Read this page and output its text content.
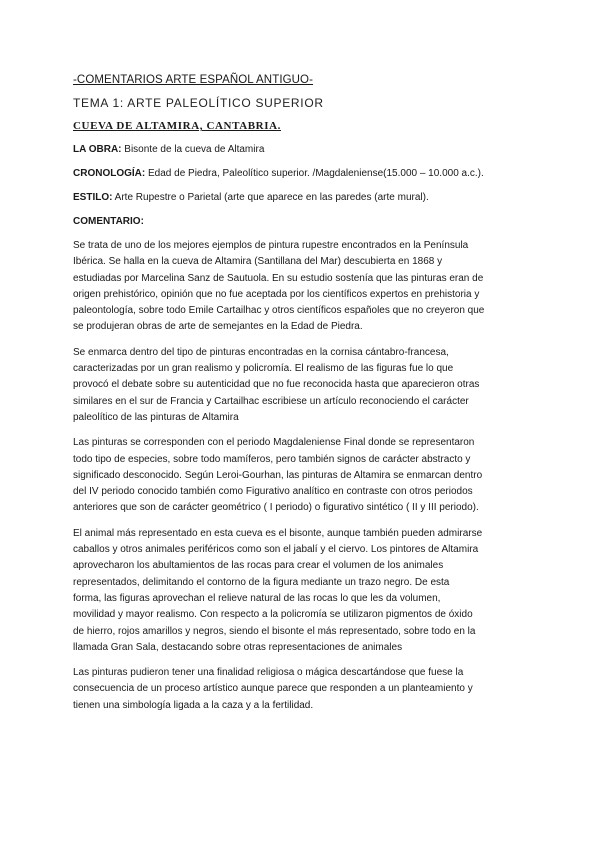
-COMENTARIOS ARTE ESPAÑOL ANTIGUO-
TEMA 1: ARTE PALEOLÍTICO SUPERIOR
CUEVA DE ALTAMIRA, CANTABRIA.
LA OBRA: Bisonte de la cueva de Altamira
CRONOLOGÍA: Edad de Piedra, Paleolítico superior. /Magdaleniense(15.000 – 10.000 a.c.).
ESTILO: Arte Rupestre o Parietal (arte que aparece en las paredes (arte mural).
COMENTARIO:
Se trata de uno de los mejores ejemplos de pintura rupestre encontrados en la Península
Ibérica. Se halla en la cueva de Altamira (Santillana del Mar) descubierta en 1868 y
estudiadas por Marcelina Sanz de Sautuola. En su estudio sostenía que las pinturas eran de
origen prehistórico, opinión que no fue aceptada por los científicos expertos en prehistoria y
paleontología, sobre todo Emile Cartailhac y otros científicos españoles que no creyeron que
se produjeran obras de arte de semejantes en la Edad de Piedra.
Se enmarca dentro del tipo de pinturas encontradas en la cornisa cántabro-francesa,
caracterizadas por un gran realismo y policromía. El realismo de las figuras fue lo que
provocó el debate sobre su autenticidad que no fue reconocida hasta que aparecieron otras
similares en el sur de Francia y Cartailhac escribiese un artículo reconociendo el carácter
paleolítico de las pinturas de Altamira
Las pinturas se corresponden con el periodo Magdaleniense Final donde se representaron
todo tipo de especies, sobre todo mamíferos, pero también signos de carácter abstracto y
significado desconocido. Según Leroi-Gourhan, las pinturas de Altamira se enmarcan dentro
del IV periodo conocido también como Figurativo analítico en contraste con otros periodos
anteriores que son de carácter geométrico ( I periodo) o figurativo sintético ( II y III periodo).
El animal más representado en esta cueva es el bisonte, aunque también pueden admirarse
caballos y otros animales periféricos como son el jabalí y el ciervo. Los pintores de Altamira
aprovecharon los abultamientos de las rocas para crear el volumen de los animales
representados, delimitando el contorno de la figura mediante un trazo negro. De esta
forma, las figuras aprovechan el relieve natural de las rocas lo que les da volumen,
movilidad y mayor realismo. Con respecto a la policromía se utilizaron pigmentos de óxido
de hierro, rojos amarillos y negros, siendo el bisonte el más representado, sobre todo en la
llamada Gran Sala, destacando sobre otras representaciones de animales
Las pinturas pudieron tener una finalidad religiosa o mágica descartándose que fuese la
consecuencia de un proceso artístico aunque parece que responden a un planteamiento y
tienen una simbología ligada a la caza y a la fertilidad.
